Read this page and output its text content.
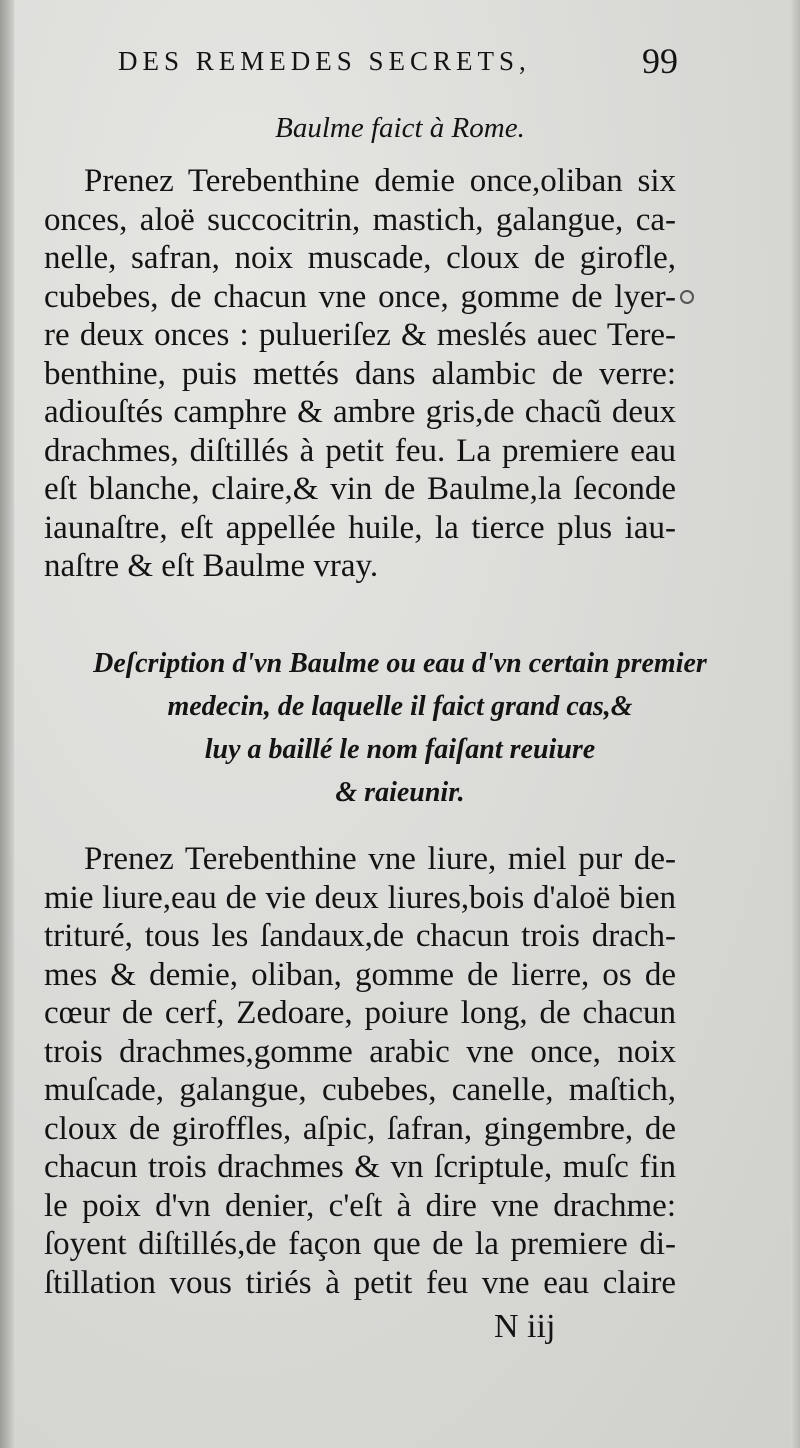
DES REMEDES SECRETS,	99
Baulme faict à Rome.
Prenez Terebenthine demie once,oliban six
onces, aloë succocitrin, mastich, galangue, ca-
nelle, safran, noix muscade, cloux de girofle,
cubebes, de chacun vne once, gomme de lyer-
re deux onces : pulueriſez & meslés auec Tere-
benthine, puis mettés dans alambic de verre:
adiouſtés camphre & ambre gris,de chacũ deux
drachmes, diſtillés à petit feu. La premiere eau
eſt blanche, claire,& vin de Baulme,la ſeconde
iaunaſtre, eſt appellée huile, la tierce plus iau-
naſtre & eſt Baulme vray.
Deſcription d'vn Baulme ou eau d'vn certain premier
medecin, de laquelle il faict grand cas,&
luy a baillé le nom faiſant reuiure
& raieunir.
Prenez Terebenthine vne liure, miel pur de-
mie liure,eau de vie deux liures,bois d'aloë bien
trituré, tous les ſandaux,de chacun trois drach-
mes & demie, oliban, gomme de lierre, os de
cœur de cerf, Zedoare, poiure long, de chacun
trois drachmes,gomme arabic vne once, noix
muſcade, galangue, cubebes, canelle, maſtich,
cloux de giroffles, aſpic, ſafran, gingembre, de
chacun trois drachmes & vn ſcriptule, muſc fin
le poix d'vn denier, c'eſt à dire vne drachme:
ſoyent diſtillés,de façon que de la premiere di-
ſtillation vous tiriés à petit feu vne eau claire
N iij
